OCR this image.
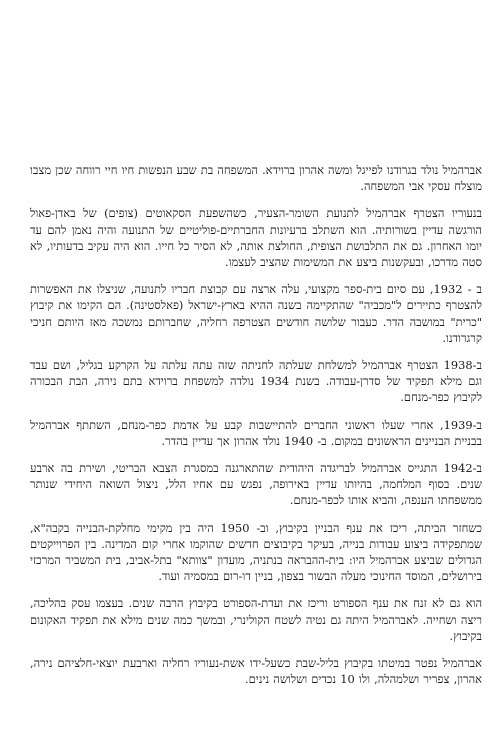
אברהמיל נולד בגרודנו לפייגל ומשה אהרון ברוידא. המשפחה בת שבע הנפשות חיו חיי רווחה שכן מצבו מוצלח עסקי אבי המשפחה.

בנעוריו הצטרף אברהמיל לתנועת השומר-הצעיר, כשהשפעת הסקאוטים (צופים) של באדן-פאול הורגשה עדיין בשורותיה. הוא השתלב ברעיונות החברתיים-פוליטיים של התנועה והיה נאמן להם עד יומו האחרון. גם את התלבושת הצופית, החולצת אותה, לא הסיר כל חייו. הוא היה עקיב בדעותיו, לא סטה מדרכו, ובעקשנות ביצע את המשימות שהציב לעצמו.

ב - 1932, עם סיום בית-ספר מקצועי, עלה ארצה עם קבוצת חבריו לתנועה, שניצלו את האפשרות להצטרף כתיירים ל"מכביה" שהתקיימה בשנה ההיא בארץ-ישראל (פאלסטינה). הם הקימו את קיבוץ "כרית" במושבה הדר. כעבור שלושה חודשים הצטרפה רחליה, שחברותם נמשכה מאז היותם חניכי קרגרודנו.

ב-1938 הצטרף אברהמיל למשלחת שעלתה לחניתה שזה עתה עלתה על הקרקע בגליל, ושם עבד וגם מילא תפקיד של סדרן-עבודה. בשנת 1934 נולדה למשפחת ברוידא בתם נירה, הבת הבכורה לקיבוץ כפר-מנחם.

ב-1939, אחרי שעלו ראשוני החברים להתיישבות קבע על אדמת כפר-מנחם, השתתף אברהמיל בבניית הבניינים הראשונים במקום. ב- 1940 נולד אהרון אך עדיין בהדר.

ב-1942 התגייס אברהמיל לבריגדה היהודית שהתארגנה במסגרת הצבא הבריטי, ושירת בה ארבע שנים. בסוף המלחמה, בהיותו עדיין באירופה, נפגש עם אחיו הלל, ניצול השואה היחידי שנותר ממשפחתו הענפה, והביא אותו לכפר-מנחם.

כשחזר הביתה, ריכז את ענף הבניין בקיבוץ, וב- 1950 היה בין מקימי מחלקת-הבנייה בקבה"א, שמתפקידה ביצוע עבודות בנייה, בעיקר בקיבוצים חדשים שהוקמו אחרי קום המדינה. בין הפרוייקטים הגדולים שביצע אברהמיל היו: בית-ההבראה בנתניה, מועדון "צוותא" בתל-אביב, בית המשביר המרכזי בירושלים, המוסד החינוכי מעלה הבשור בצפון, בניין דו-רום במסמיה ועוד.

הוא גם לא זנח את ענף הספורט וריכז את ועדת-הספורט בקיבוץ הרבה שנים. בעצמו עסק בהליכה, ריצה ושחייה. לאברהמיל היתה גם נטיה לשטח הקולינרי, ובמשך כמה שנים מילא את תפקיד האקונום בקיבוץ.

אברהמיל נפטר במיטתו בקיבוץ בליל-שבת כשעל-ידו אשת-נעוריו רחליה וארבעת יוצאי-חלציהם נירה, אהרון, צפריר ושלמהלה, ולו 10 נכדים ושלושה נינים.
